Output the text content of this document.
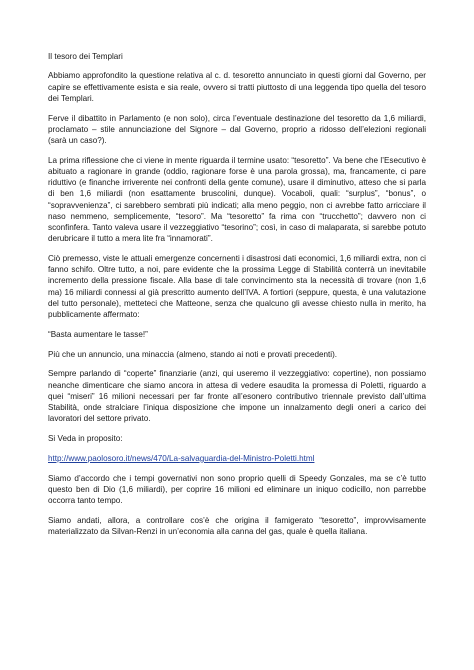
Il tesoro dei Templari

Abbiamo approfondito la questione relativa al c. d. tesoretto annunciato in questi giorni dal Governo, per capire se effettivamente esista e sia reale, ovvero si tratti piuttosto di una leggenda tipo quella del tesoro dei Templari.

Ferve il dibattito in Parlamento (e non solo), circa l’eventuale destinazione del tesoretto da 1,6 miliardi, proclamato – stile annunciazione del Signore – dal Governo, proprio a ridosso dell’elezioni regionali (sarà un caso?).

La prima riflessione che ci viene in mente riguarda il termine usato: “tesoretto”. Va bene che l’Esecutivo è abituato a ragionare in grande (oddio, ragionare forse è una parola grossa), ma, francamente, ci pare riduttivo (e finanche irriverente nei confronti della gente comune), usare il diminutivo, atteso che si parla di ben 1,6 miliardi (non esattamente bruscolini, dunque). Vocaboli, quali: “surplus”, “bonus”, o “sopravvenienza”, ci sarebbero sembrati più indicati; alla meno peggio, non ci avrebbe fatto arricciare il naso nemmeno, semplicemente, “tesoro”. Ma “tesoretto” fa rima con “trucchetto”; davvero non ci sconfinfera. Tanto valeva usare il vezzeggiativo “tesorino”; così, in caso di malaparata, si sarebbe potuto derubricare il tutto a mera lite fra “innamorati”.

Ciò premesso, viste le attuali emergenze concernenti i disastrosi dati economici, 1,6 miliardi extra, non ci fanno schifo. Oltre tutto, a noi, pare evidente che la prossima Legge di Stabilità conterrà un inevitabile incremento della pressione fiscale. Alla base di tale convincimento sta la necessità di trovare (non 1,6 ma) 16 miliardi connessi al già prescritto aumento dell’IVA. A fortiori (seppure, questa, è una valutazione del tutto personale), metteteci che Matteone, senza che qualcuno gli avesse chiesto nulla in merito, ha pubblicamente affermato:

“Basta aumentare le tasse!”

Più che un annuncio, una minaccia (almeno, stando ai noti e provati precedenti).

Sempre parlando di “coperte” finanziarie (anzi, qui useremo il vezzeggiativo: copertine), non possiamo neanche dimenticare che siamo ancora in attesa di vedere esaudita la promessa di Poletti, riguardo a quei “miseri” 16 milioni necessari per far fronte all’esonero contributivo triennale previsto dall’ultima Stabilità, onde stralciare l’iniqua disposizione che impone un innalzamento degli oneri a carico dei lavoratori del settore privato.

Si Veda in proposito:

http://www.paolosoro.it/news/470/La-salvaguardia-del-Ministro-Poletti.html

Siamo d’accordo che i tempi governativi non sono proprio quelli di Speedy Gonzales, ma se c’è tutto questo ben di Dio (1,6 miliardi), per coprire 16 milioni ed eliminare un iniquo codicillo, non parrebbe occorra tanto tempo.

Siamo andati, allora, a controllare cos’è che origina il famigerato “tesoretto”, improvvisamente materializzato da Silvan-Renzi in un’economia alla canna del gas, quale è quella italiana.
